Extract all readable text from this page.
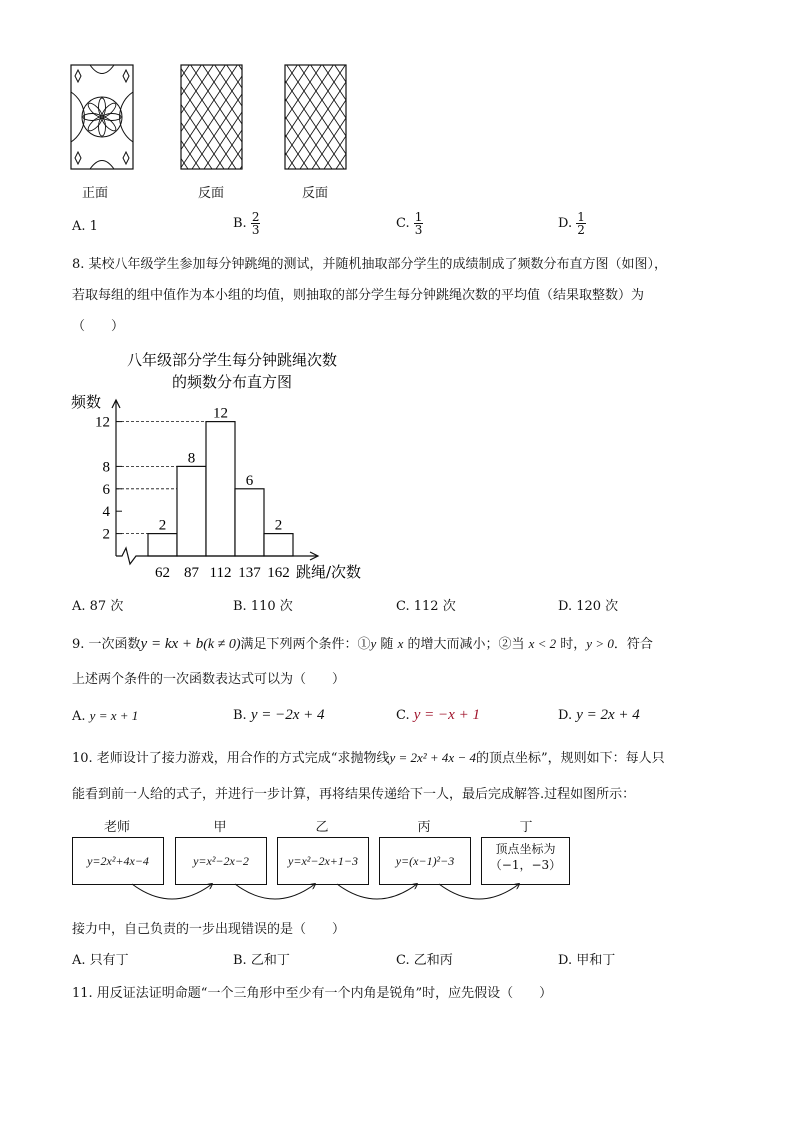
正面	反面	反面
A. 1	B. $\frac{2}{3}$	C. $\frac{1}{3}$	D. $\frac{1}{2}$
8. 某校八年级学生参加每分钟跳绳的测试，并随机抽取部分学生的成绩制成了频数分布直方图（如图），
若取每组的组中值作为本小组的均值，则抽取的部分学生每分钟跳绳次数的平均值（结果取整数）为
（　　）
八年级部分学生每分钟跳绳次数
的频数分布直方图
频数
跳绳/次数
2
8
12
6
2
2
4
6
8
12
62 87 112 137 162
A. 87 次	B. 110 次	C. 112 次	D. 120 次
9. 一次函数y = kx + b(k ≠ 0)满足下列两个条件：①y 随 x 的增大而减小；②当 x < 2 时，y > 0．符合
上述两个条件的一次函数表达式可以为（　　）
A. y = x + 1	B. y = −2x + 4	C. y = −x + 1	D. y = 2x + 4
10. 老师设计了接力游戏，用合作的方式完成“求抛物线y = 2x² + 4x − 4的顶点坐标”，规则如下：每人只
能看到前一人给的式子，并进行一步计算，再将结果传递给下一人，最后完成解答.过程如图所示：
老师	甲	乙	丙	丁
y=2x²+4x−4	y=x²−2x−2	y=x²−2x+1−3	y=(x−1)²−3
顶点坐标为
（−1，−3）
接力中，自己负责的一步出现错误的是（　　）
A. 只有丁	B. 乙和丁	C. 乙和丙	D. 甲和丁
11. 用反证法证明命题“一个三角形中至少有一个内角是锐角”时，应先假设（　　）
